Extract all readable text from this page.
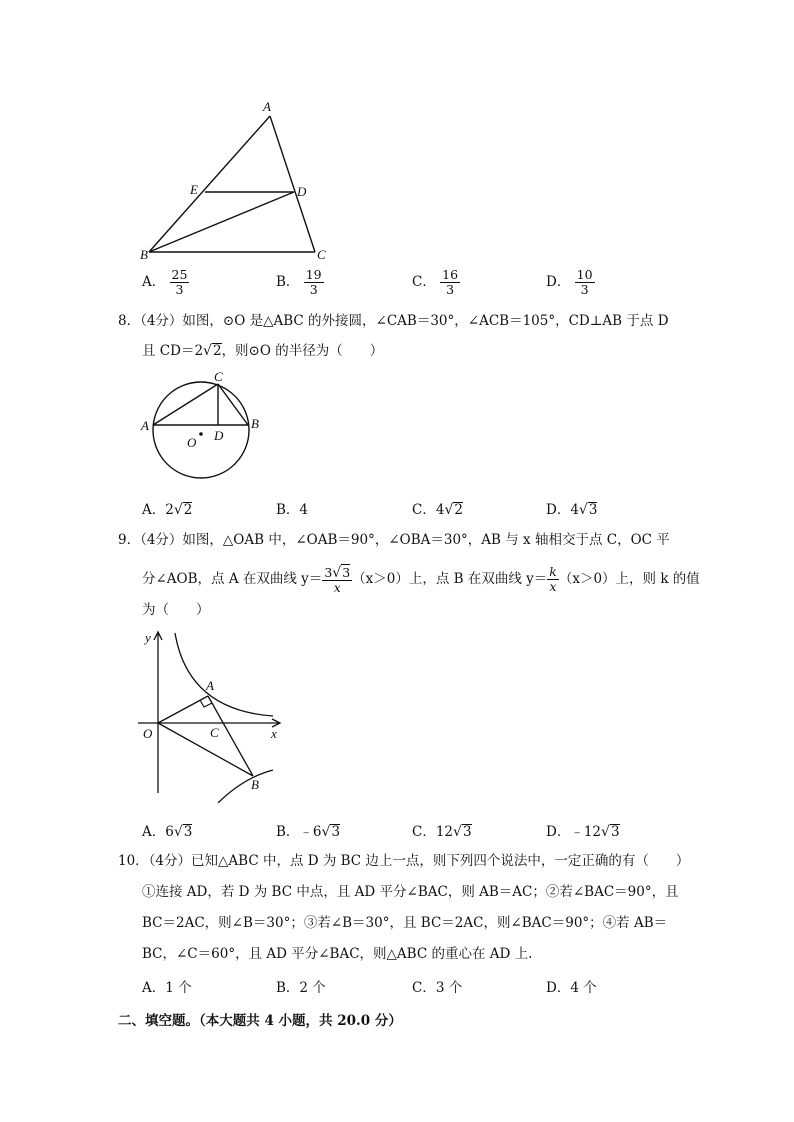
A
E	D
B	C
A． $\frac{25}{3}$	B． $\frac{19}{3}$	C． $\frac{16}{3}$	D． $\frac{10}{3}$
8．（4分）如图，⊙O 是△ABC 的外接圆，∠CAB＝30°，∠ACB＝105°，CD⊥AB 于点 D
且 CD＝2√2，则⊙O 的半径为（　　）
C
A	B
D
O
A．2√2	B．4	C．4√2	D．4√3
9．（4分）如图，△OAB 中，∠OAB＝90°，∠OBA＝30°，AB 与 x 轴相交于点 C，OC 平
分∠AOB，点 A 在双曲线 $y= \frac{3√3}{x} (x>0)$上，点 B 在双曲线 $y= \frac{k}{x} (x>0)$上，则 k 的值
为（　　）
y
x
O
A
C
B
A．6√3	B．﹣6√3	C．12√3	D．﹣12√3
10．（4分）已知△ABC 中，点 D 为 BC 边上一点，则下列四个说法中，一定正确的有（　　）
①连接 AD，若 D 为 BC 中点，且 AD 平分∠BAC，则 AB＝AC；②若∠BAC＝90°，且
BC＝2AC，则∠B＝30°；③若∠B＝30°，且 BC＝2AC，则∠BAC＝90°；④若 AB＝
BC，∠C＝60°，且 AD 平分∠BAC，则△ABC 的重心在 AD 上.
A．1 个	B．2 个	C．3 个	D．4 个
二、填空题。（本大题共 4 小题，共 20.0 分）
